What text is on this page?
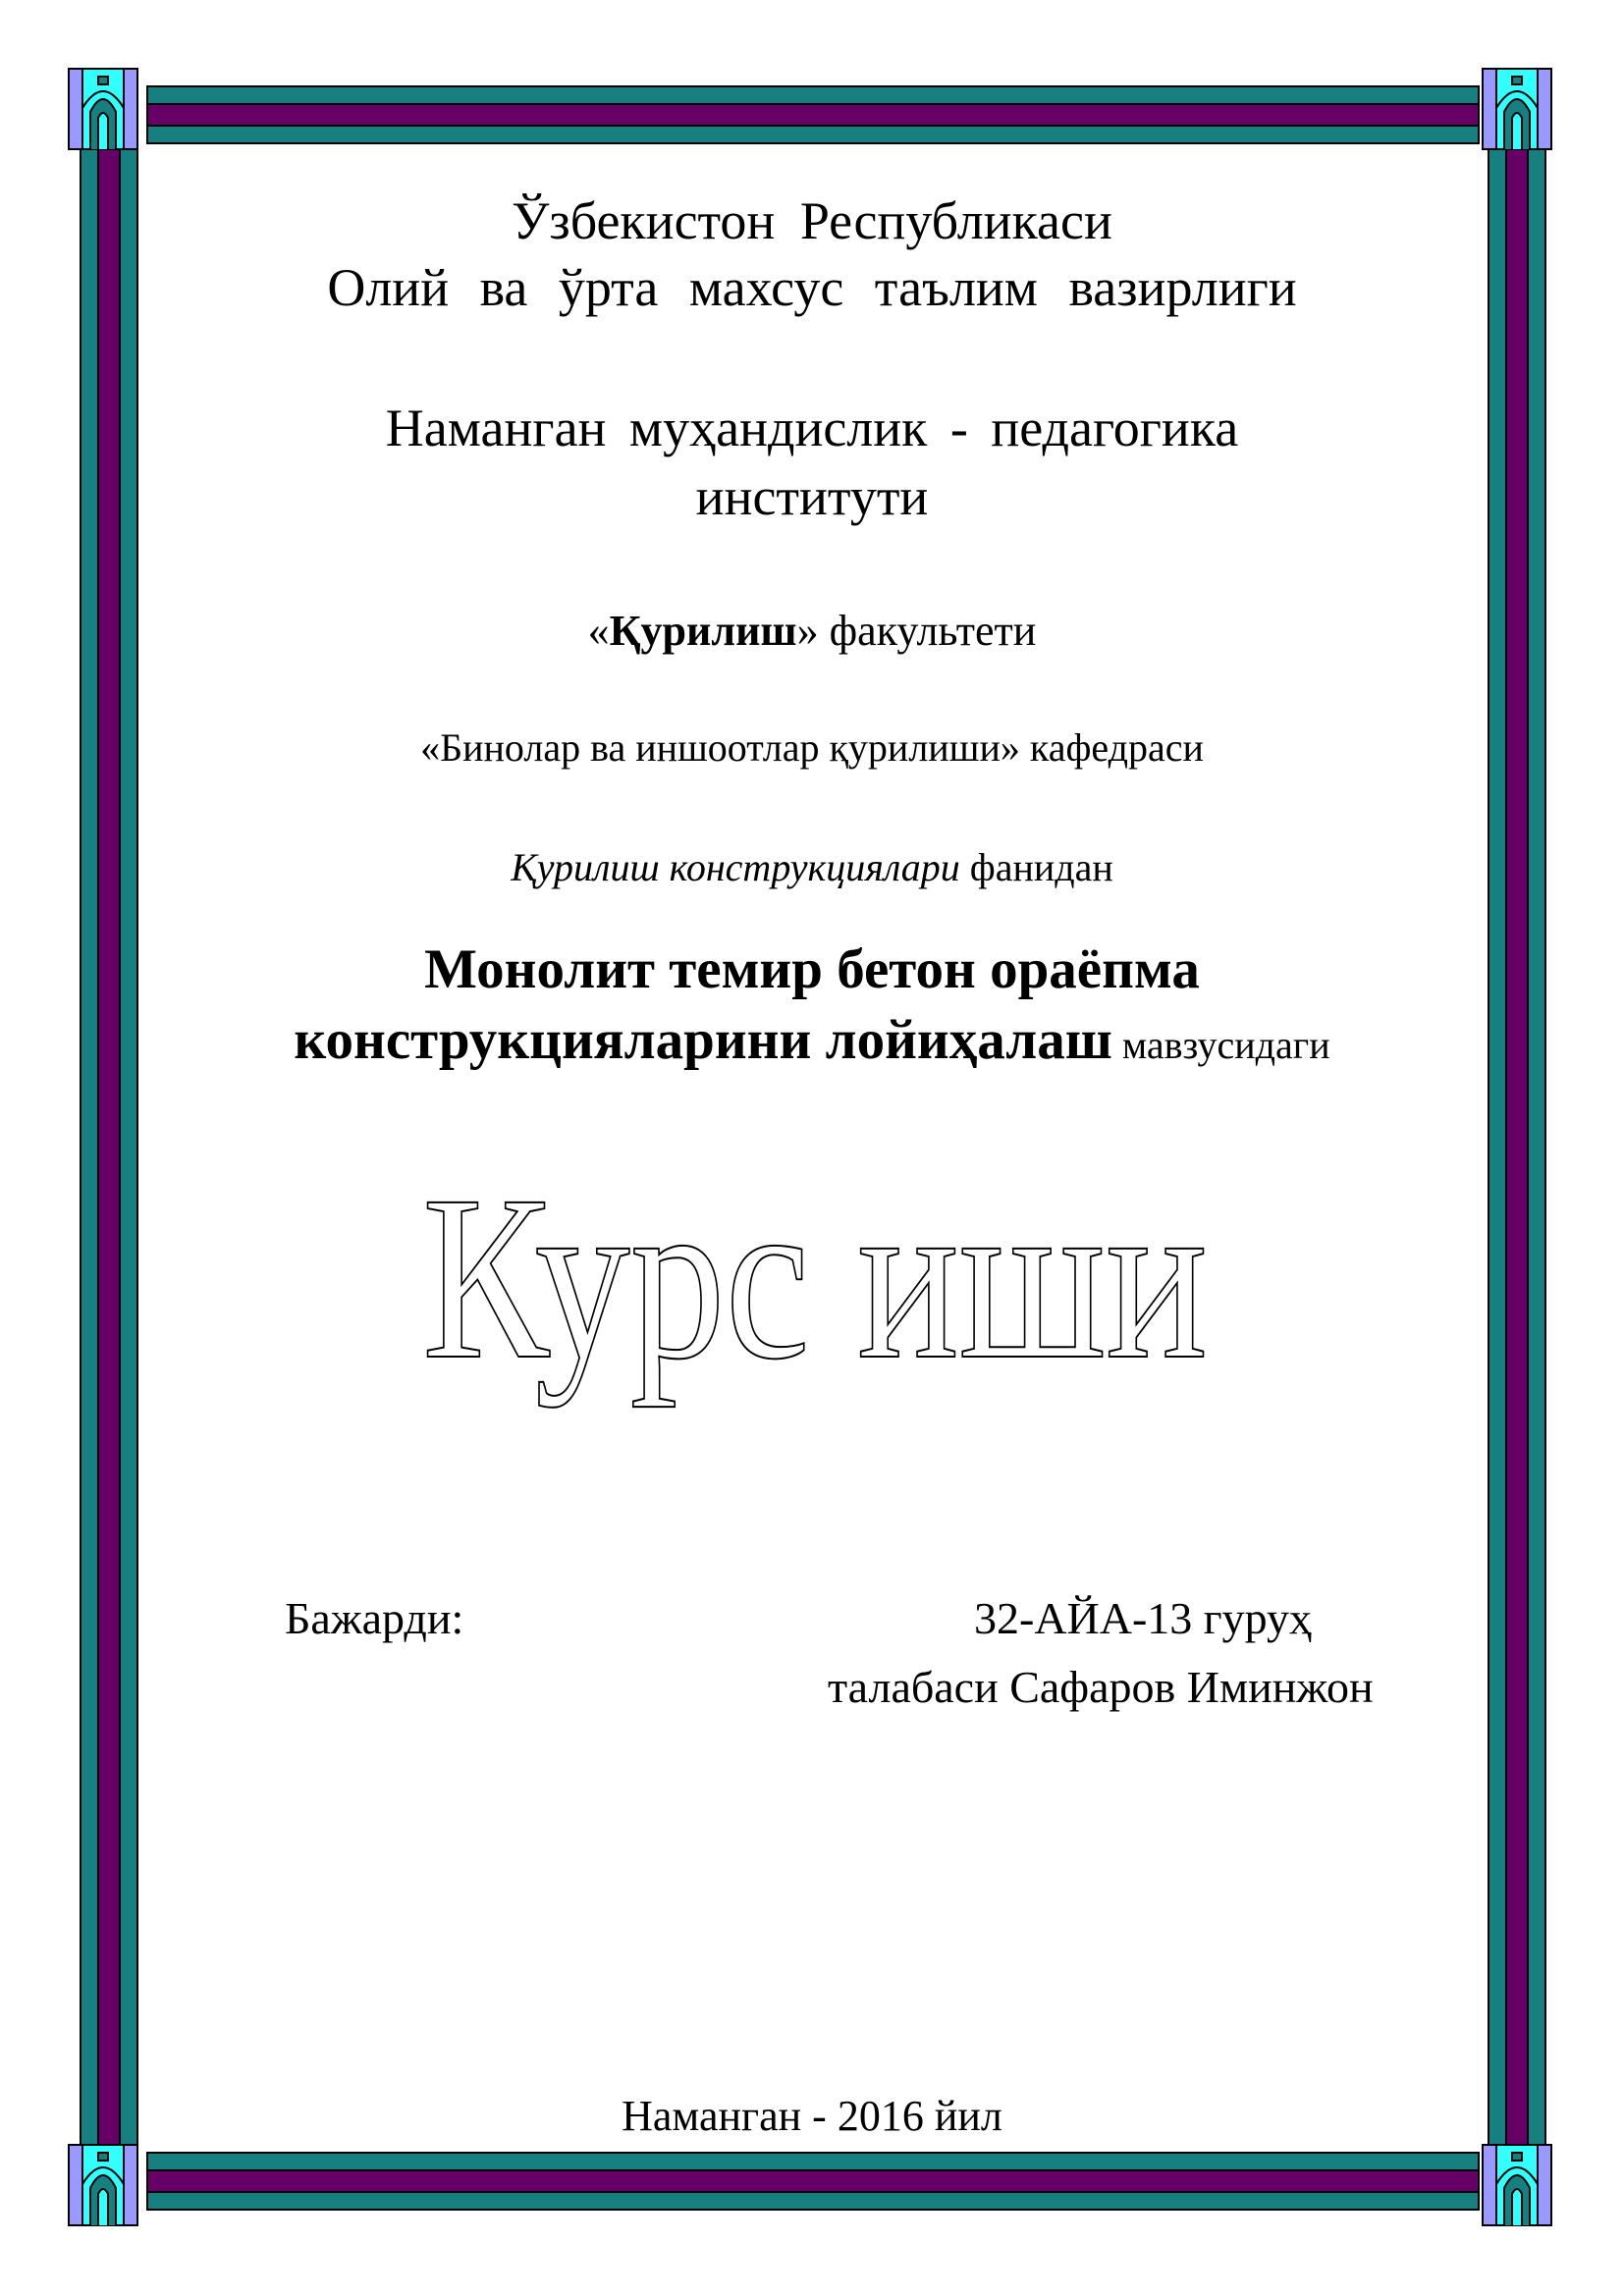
Ўзбекистон Республикаси
Олий ва ўрта махсус таълим вазирлиги
Наманган муҳандислик - педагогика
институти
«Қурилиш» факультети
«Бинолар ва иншоотлар қурилиши» кафедраси
Қурилиш конструкциялари фанидан
Монолит темир бетон ораёпма
конструкцияларини лойиҳалаш мавзусидаги
Курс иши
Бажарди:	32-АЙА-13 гуруҳ
талабаси Сафаров Иминжон
Наманган - 2016 йил
